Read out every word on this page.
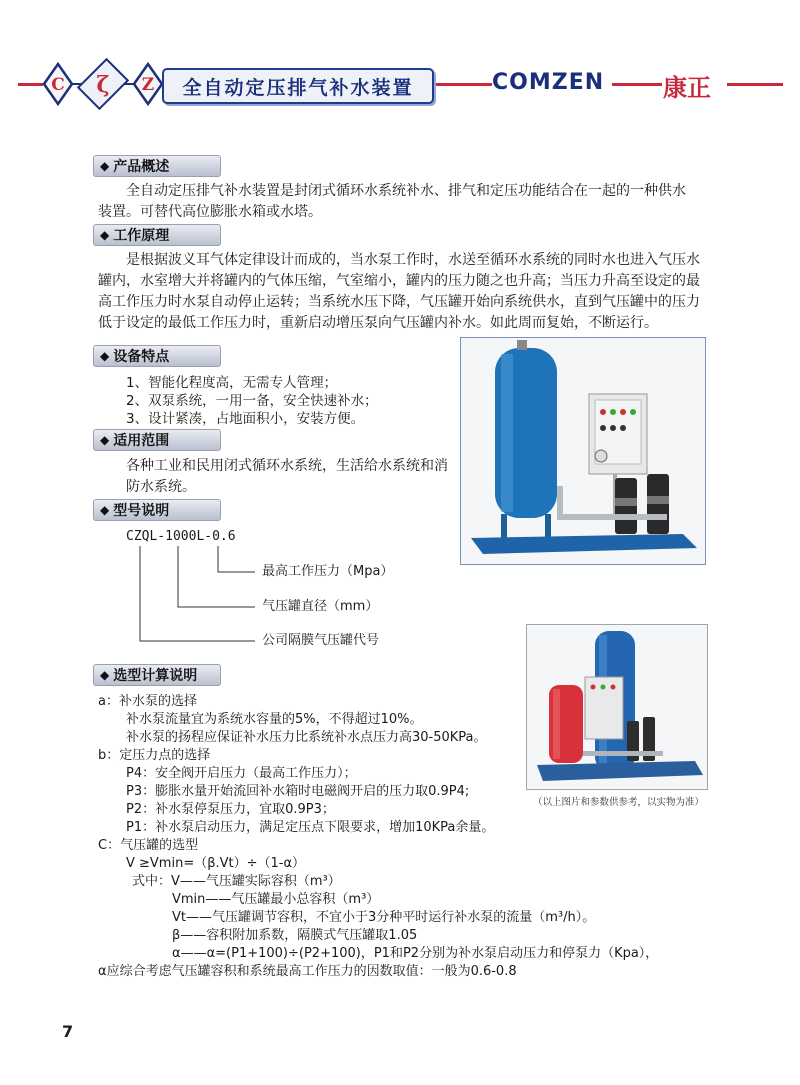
C ζ Z	全自动定压排气补水装置	COMZEN 康正
◆ 产品概述
全自动定压排气补水装置是封闭式循环水系统补水、排气和定压功能结合在一起的一种供水装置。可替代高位膨胀水箱或水塔。
◆ 工作原理
是根据波义耳气体定律设计而成的，当水泵工作时，水送至循环水系统的同时水也进入气压水罐内，水室增大并将罐内的气体压缩，气室缩小，罐内的压力随之也升高；当压力升高至设定的最高工作压力时水泵自动停止运转；当系统水压下降，气压罐开始向系统供水，直到气压罐中的压力低于设定的最低工作压力时，重新启动增压泵向气压罐内补水。如此周而复始，不断运行。
◆ 设备特点
1、智能化程度高，无需专人管理；
2、双泵系统，一用一备，安全快速补水；
3、设计紧凑，占地面积小，安装方便。
◆ 适用范围
各种工业和民用闭式循环水系统，生活给水系统和消防水系统。
◆ 型号说明
CZQL-1000L-0.6
最高工作压力（Mpa）
气压罐直径（mm）
公司隔膜气压罐代号
（以上图片和参数供参考，以实物为准）
◆ 选型计算说明
a：补水泵的选择
补水泵流量宜为系统水容量的5%，不得超过10%。
补水泵的扬程应保证补水压力比系统补水点压力高30-50KPa。
b：定压力点的选择
P4：安全阀开启压力（最高工作压力）；
P3：膨胀水量开始流回补水箱时电磁阀开启的压力取0.9P4;
P2：补水泵停泵压力，宜取0.9P3；
P1：补水泵启动压力，满足定压点下限要求，增加10KPa余量。
C：气压罐的选型
V ≥Vmin=（β.Vt）÷（1-α）
式中：V——气压罐实际容积（m³）
Vmin——气压罐最小总容积（m³）
Vt——气压罐调节容积，不宜小于3分种平时运行补水泵的流量（m³/h）。
β——容积附加系数，隔膜式气压罐取1.05
α——α=(P1+100)÷(P2+100)，P1和P2分别为补水泵启动压力和停泵力（Kpa），
α应综合考虑气压罐容积和系统最高工作压力的因数取值：一般为0.6-0.8
7
